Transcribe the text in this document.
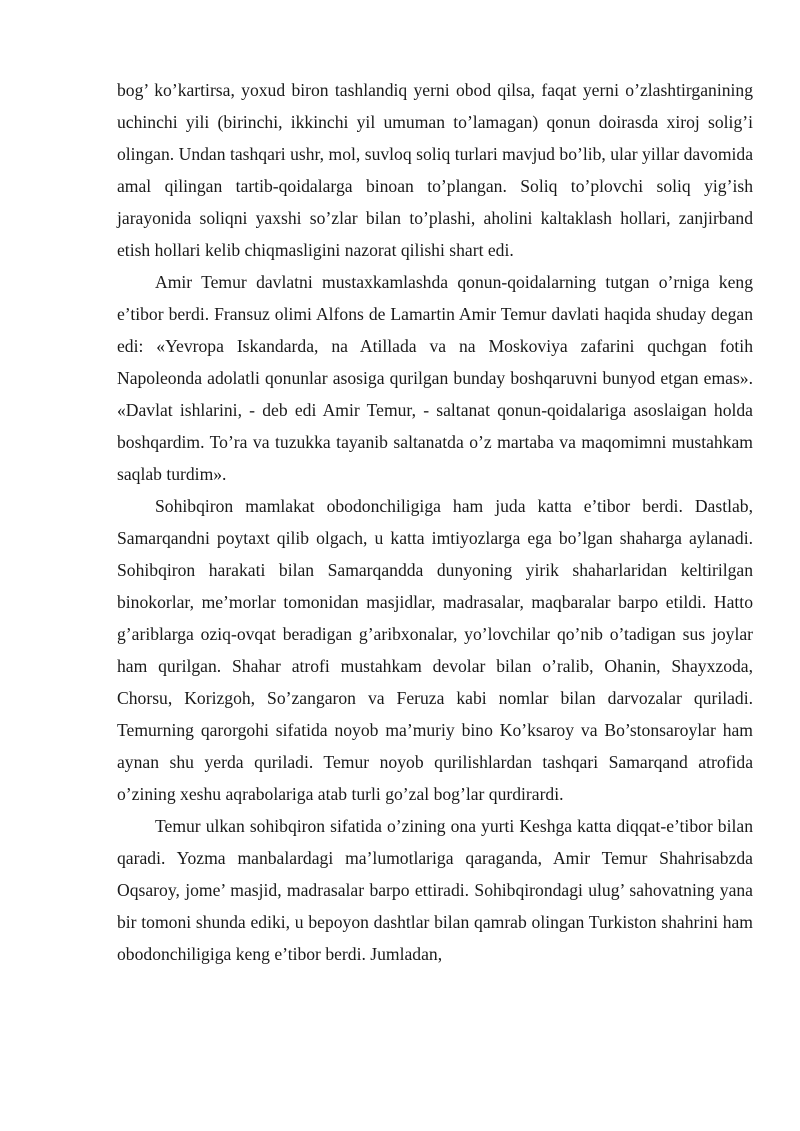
bog’ ko’kartirsa, yoxud biron tashlandiq yerni obod qilsa, faqat yerni o’zlashtirganining uchinchi yili (birinchi, ikkinchi yil umuman to’lamagan) qonun doirasda xiroj solig’i olingan. Undan tashqari ushr, mol, suvloq soliq turlari mavjud bo’lib, ular yillar davomida amal qilingan tartib-qoidalarga binoan to’plangan. Soliq to’plovchi soliq yig’ish jarayonida soliqni yaxshi so’zlar bilan to’plashi, aholini kaltaklash hollari, zanjirband etish hollari kelib chiqmasligini nazorat qilishi shart edi.

Amir Temur davlatni mustaxkamlashda qonun-qoidalarning tutgan o’rniga keng e’tibor berdi. Fransuz olimi Alfons de Lamartin Amir Temur davlati haqida shuday degan edi: «Yevropa Iskandarda, na Atillada va na Moskoviya zafarini quchgan fotih Napoleonda adolatli qonunlar asosiga qurilgan bunday boshqaruvni bunyod etgan emas». «Davlat ishlarini, - deb edi Amir Temur, - saltanat qonun-qoidalariga asoslaigan holda boshqardim. To’ra va tuzukka tayanib saltanatda o’z martaba va maqomimni mustahkam saqlab turdim».

Sohibqiron mamlakat obodonchiligiga ham juda katta e’tibor berdi. Dastlab, Samarqandni poytaxt qilib olgach, u katta imtiyozlarga ega bo’lgan shaharga aylanadi. Sohibqiron harakati bilan Samarqandda dunyoning yirik shaharlaridan keltirilgan binokorlar, me’morlar tomonidan masjidlar, madrasalar, maqbaralar barpo etildi. Hatto g’ariblarga oziq-ovqat beradigan g’aribxonalar, yo’lovchilar qo’nib o’tadigan sus joylar ham qurilgan. Shahar atrofi mustahkam devolar bilan o’ralib, Ohanin, Shayxzoda, Chorsu, Korizgoh, So’zangaron va Feruza kabi nomlar bilan darvozalar quriladi. Temurning qarorgohi sifatida noyob ma’muriy bino Ko’ksaroy va Bo’stonsaroylar ham aynan shu yerda quriladi. Temur noyob qurilishlardan tashqari Samarqand atrofida o’zining xeshu aqrabolariga atab turli go’zal bog’lar qurdirardi.

Temur ulkan sohibqiron sifatida o’zining ona yurti Keshga katta diqqat-e’tibor bilan qaradi. Yozma manbalardagi ma’lumotlariga qaraganda, Amir Temur Shahrisabzda Oqsaroy, jome’ masjid, madrasalar barpo ettiradi. Sohibqirondagi ulug’ sahovatning yana bir tomoni shunda ediki, u bepoyon dashtlar bilan qamrab olingan Turkiston shahrini ham obodonchiligiga keng e’tibor berdi. Jumladan,
